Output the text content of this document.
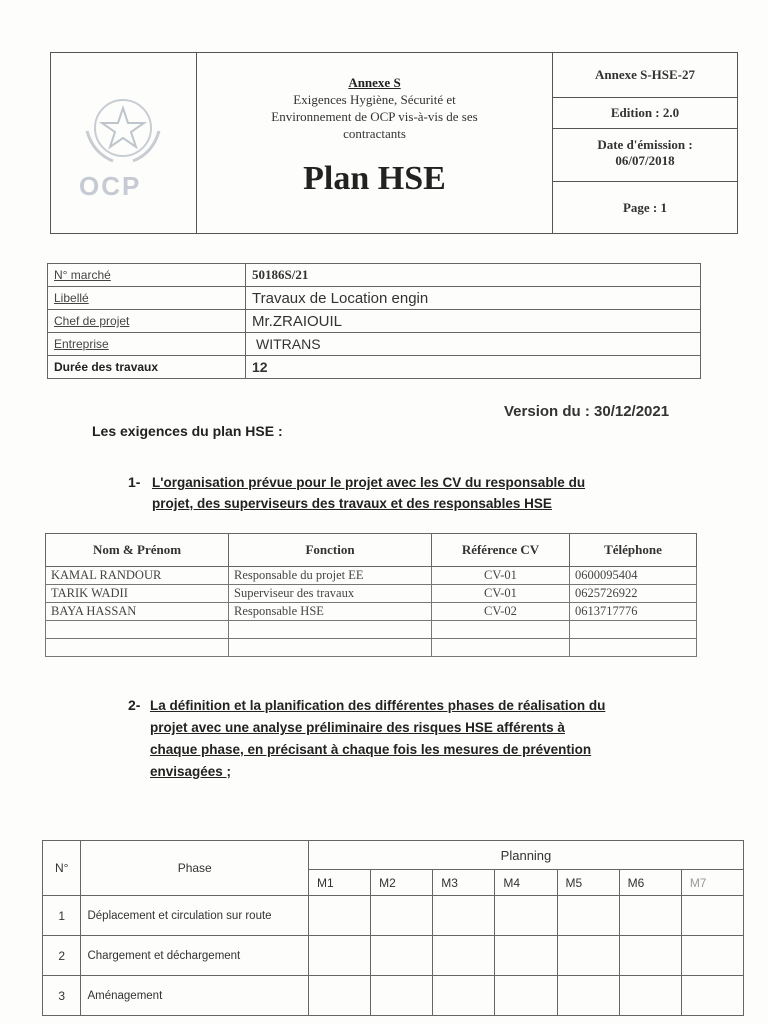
OCP
Annexe S
Exigences Hygiène, Sécurité et
Environnement de OCP vis-à-vis de ses
contractants
Plan HSE
Annexe S-HSE-27
Edition : 2.0
Date d'émission :
06/07/2018
Page : 1
N° marché	50186S/21
Libellé	Travaux de Location engin
Chef de projet	Mr.ZRAIOUIL
Entreprise	WITRANS
Durée des travaux	12
Version du : 30/12/2021
Les exigences du plan HSE :
1- L'organisation prévue pour le projet avec les CV du responsable du
projet, des superviseurs des travaux et des responsables HSE
Nom & Prénom	Fonction	Référence CV	Téléphone
KAMAL RANDOUR	Responsable du projet EE	CV-01	0600095404
TARIK WADII	Superviseur des travaux	CV-01	0625726922
BAYA HASSAN	Responsable HSE	CV-02	0613717776

2- La définition et la planification des différentes phases de réalisation du
projet avec une analyse préliminaire des risques HSE afférents à
chaque phase, en précisant à chaque fois les mesures de prévention
envisagées ;
N°	Phase	Planning						
		M1	M2	M3	M4	M5	M6	M7
1	Déplacement et circulation sur route							
2	Chargement et déchargement							
3	Aménagement							
